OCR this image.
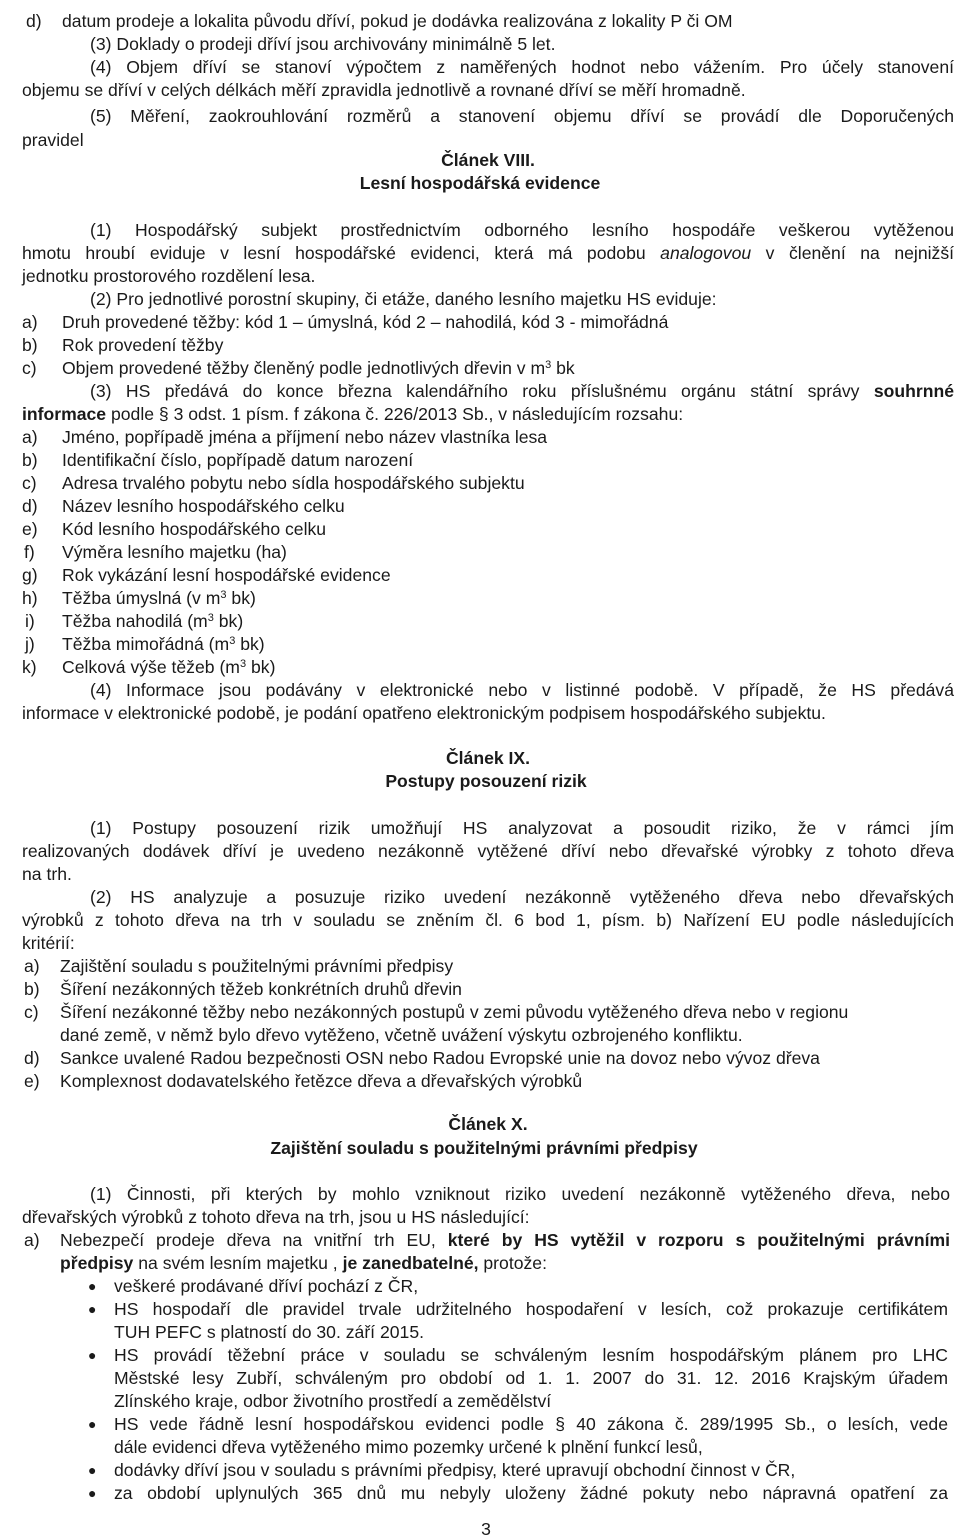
d) datum prodeje a lokalita původu dříví, pokud je dodávka realizována z lokality P či OM
(3) Doklady o prodeji dříví jsou archivovány minimálně 5 let.
(4) Objem dříví se stanoví výpočtem z naměřených hodnot nebo vážením. Pro účely stanovení
objemu se dříví v celých délkách měří zpravidla jednotlivě a rovnané dříví se měří hromadně.
(5) Měření, zaokrouhlování rozměrů a stanovení objemu dříví se provádí dle Doporučených
pravidel
Článek VIII.
Lesní hospodářská evidence
(1) Hospodářský subjekt prostřednictvím odborného lesního hospodáře veškerou vytěženou
hmotu hroubí eviduje v lesní hospodářské evidenci, která má podobu analogovou v členění na nejnižší
jednotku prostorového rozdělení lesa.
(2) Pro jednotlivé porostní skupiny, či etáže, daného lesního majetku HS eviduje:
a) Druh provedené těžby: kód 1 – úmyslná, kód 2 – nahodilá, kód 3 - mimořádná
b) Rok provedení těžby
c) Objem provedené těžby členěný podle jednotlivých dřevin v $m^3$ bk
(3) HS předává do konce března kalendářního roku příslušnému orgánu státní správy souhrnné
informace podle § 3 odst. 1 písm. f zákona č. 226/2013 Sb., v následujícím rozsahu:
a) Jméno, popřípadě jména a příjmení nebo název vlastníka lesa
b) Identifikační číslo, popřípadě datum narození
c) Adresa trvalého pobytu nebo sídla hospodářského subjektu
d) Název lesního hospodářského celku
e) Kód lesního hospodářského celku
f) Výměra lesního majetku (ha)
g) Rok vykázání lesní hospodářské evidence
h) Těžba úmyslná (v $m^3$ bk)
i) Těžba nahodilá ($m^3$ bk)
j) Těžba mimořádná ($m^3$ bk)
k) Celková výše těžeb ($m^3$ bk)
(4) Informace jsou podávány v elektronické nebo v listinné podobě. V případě, že HS předává
informace v elektronické podobě, je podání opatřeno elektronickým podpisem hospodářského subjektu.
Článek IX.
Postupy posouzení rizik
(1) Postupy posouzení rizik umožňují HS analyzovat a posoudit riziko, že v rámci jím
realizovaných dodávek dříví je uvedeno nezákonně vytěžené dříví nebo dřevařské výrobky z tohoto dřeva
na trh.
(2) HS analyzuje a posuzuje riziko uvedení nezákonně vytěženého dřeva nebo dřevařských
výrobků z tohoto dřeva na trh v souladu se zněním čl. 6 bod 1, písm. b) Nařízení EU podle následujících
kritérií:
a) Zajištění souladu s použitelnými právními předpisy
b) Šíření nezákonných těžeb konkrétních druhů dřevin
c) Šíření nezákonné těžby nebo nezákonných postupů v zemi původu vytěženého dřeva nebo v regionu
dané země, v němž bylo dřevo vytěženo, včetně uvážení výskytu ozbrojeného konfliktu.
d) Sankce uvalené Radou bezpečnosti OSN nebo Radou Evropské unie na dovoz nebo vývoz dřeva
e) Komplexnost dodavatelského řetězce dřeva a dřevařských výrobků
Článek X.
Zajištění souladu s použitelnými právními předpisy
(1) Činnosti, při kterých by mohlo vzniknout riziko uvedení nezákonně vytěženého dřeva, nebo
dřevařských výrobků z tohoto dřeva na trh, jsou u HS následující:
a) Nebezpečí prodeje dřeva na vnitřní trh EU, které by HS vytěžil v rozporu s použitelnými právními
předpisy na svém lesním majetku , je zanedbatelné, protože:
● veškeré prodávané dříví pochází z ČR,
● HS hospodaří dle pravidel trvale udržitelného hospodaření v lesích, což prokazuje certifikátem
TUH PEFC s platností do 30. září 2015.
● HS provádí těžební práce v souladu se schváleným lesním hospodářským plánem pro LHC
Městské lesy Zubří, schváleným pro období od 1. 1. 2007 do 31. 12. 2016 Krajským úřadem
Zlínského kraje, odbor životního prostředí a zemědělství
● HS vede řádně lesní hospodářskou evidenci podle § 40 zákona č. 289/1995 Sb., o lesích, vede
dále evidenci dřeva vytěženého mimo pozemky určené k plnění funkcí lesů,
● dodávky dříví jsou v souladu s právními předpisy, které upravují obchodní činnost v ČR,
● za období uplynulých 365 dnů mu nebyly uloženy žádné pokuty nebo nápravná opatření za
3
